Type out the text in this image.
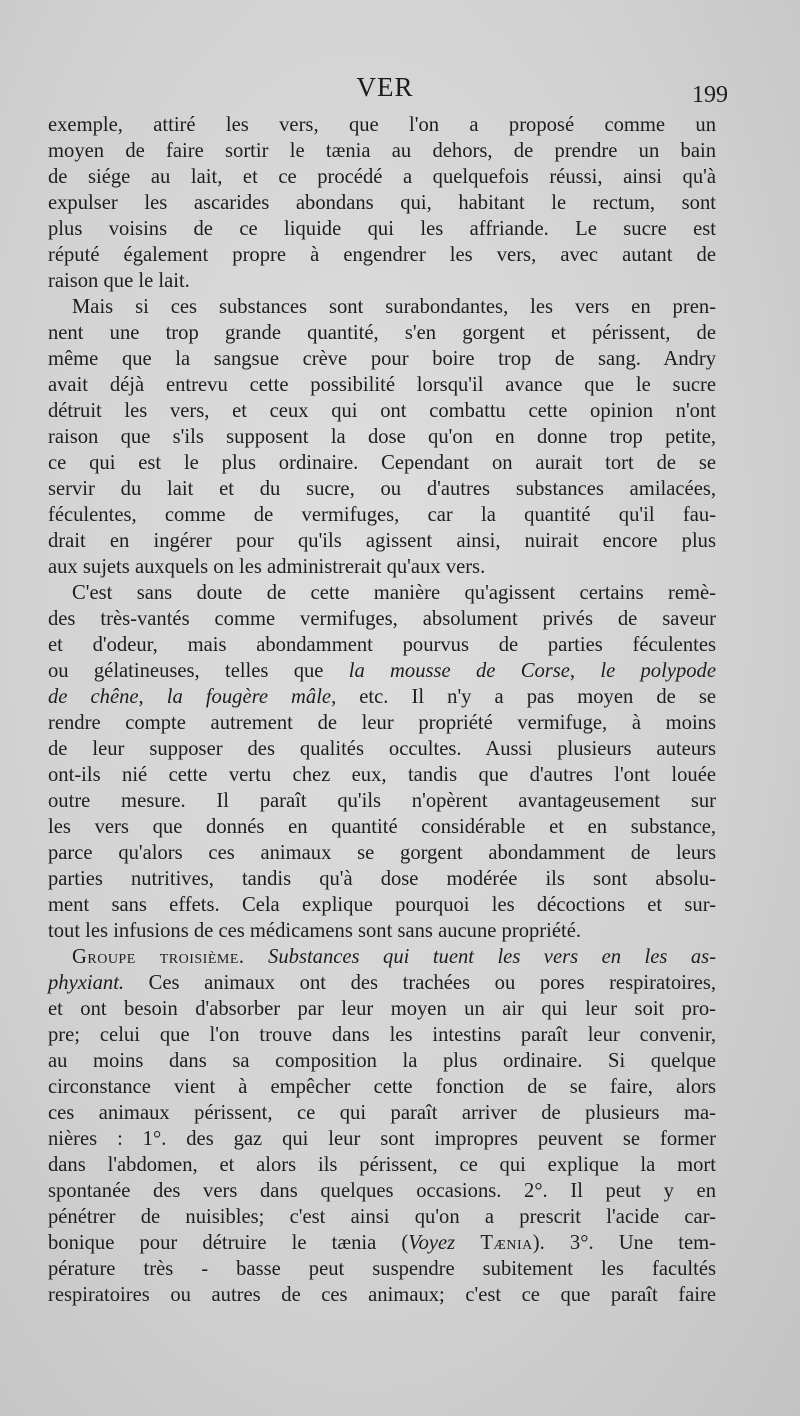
VER	199

exemple, attiré les vers, que l'on a proposé comme un
moyen de faire sortir le tænia au dehors, de prendre un bain
de siége au lait, et ce procédé a quelquefois réussi, ainsi qu'à
expulser les ascarides abondans qui, habitant le rectum, sont
plus voisins de ce liquide qui les affriande. Le sucre est
réputé également propre à engendrer les vers, avec autant de
raison que le lait.

Mais si ces substances sont surabondantes, les vers en pren-
nent une trop grande quantité, s'en gorgent et périssent, de
même que la sangsue crève pour boire trop de sang. Andry
avait déjà entrevu cette possibilité lorsqu'il avance que le sucre
détruit les vers, et ceux qui ont combattu cette opinion n'ont
raison que s'ils supposent la dose qu'on en donne trop petite,
ce qui est le plus ordinaire. Cependant on aurait tort de se
servir du lait et du sucre, ou d'autres substances amilacées,
féculentes, comme de vermifuges, car la quantité qu'il fau-
drait en ingérer pour qu'ils agissent ainsi, nuirait encore plus
aux sujets auxquels on les administrerait qu'aux vers.

C'est sans doute de cette manière qu'agissent certains remè-
des très-vantés comme vermifuges, absolument privés de saveur
et d'odeur, mais abondamment pourvus de parties féculentes
ou gélatineuses, telles que la mousse de Corse, le polypode
de chêne, la fougère mâle, etc. Il n'y a pas moyen de se
rendre compte autrement de leur propriété vermifuge, à moins
de leur supposer des qualités occultes. Aussi plusieurs auteurs
ont-ils nié cette vertu chez eux, tandis que d'autres l'ont louée
outre mesure. Il paraît qu'ils n'opèrent avantageusement sur
les vers que donnés en quantité considérable et en substance,
parce qu'alors ces animaux se gorgent abondamment de leurs
parties nutritives, tandis qu'à dose modérée ils sont absolu-
ment sans effets. Cela explique pourquoi les décoctions et sur-
tout les infusions de ces médicamens sont sans aucune propriété.

Groupe troisième. Substances qui tuent les vers en les as-
phyxiant. Ces animaux ont des trachées ou pores respiratoires,
et ont besoin d'absorber par leur moyen un air qui leur soit pro-
pre; celui que l'on trouve dans les intestins paraît leur convenir,
au moins dans sa composition la plus ordinaire. Si quelque
circonstance vient à empêcher cette fonction de se faire, alors
ces animaux périssent, ce qui paraît arriver de plusieurs ma-
nières : 1°. des gaz qui leur sont impropres peuvent se former
dans l'abdomen, et alors ils périssent, ce qui explique la mort
spontanée des vers dans quelques occasions. 2°. Il peut y en
pénétrer de nuisibles; c'est ainsi qu'on a prescrit l'acide car-
bonique pour détruire le tænia (Voyez Tænia). 3°. Une tem-
pérature très - basse peut suspendre subitement les facultés
respiratoires ou autres de ces animaux; c'est ce que paraît faire
